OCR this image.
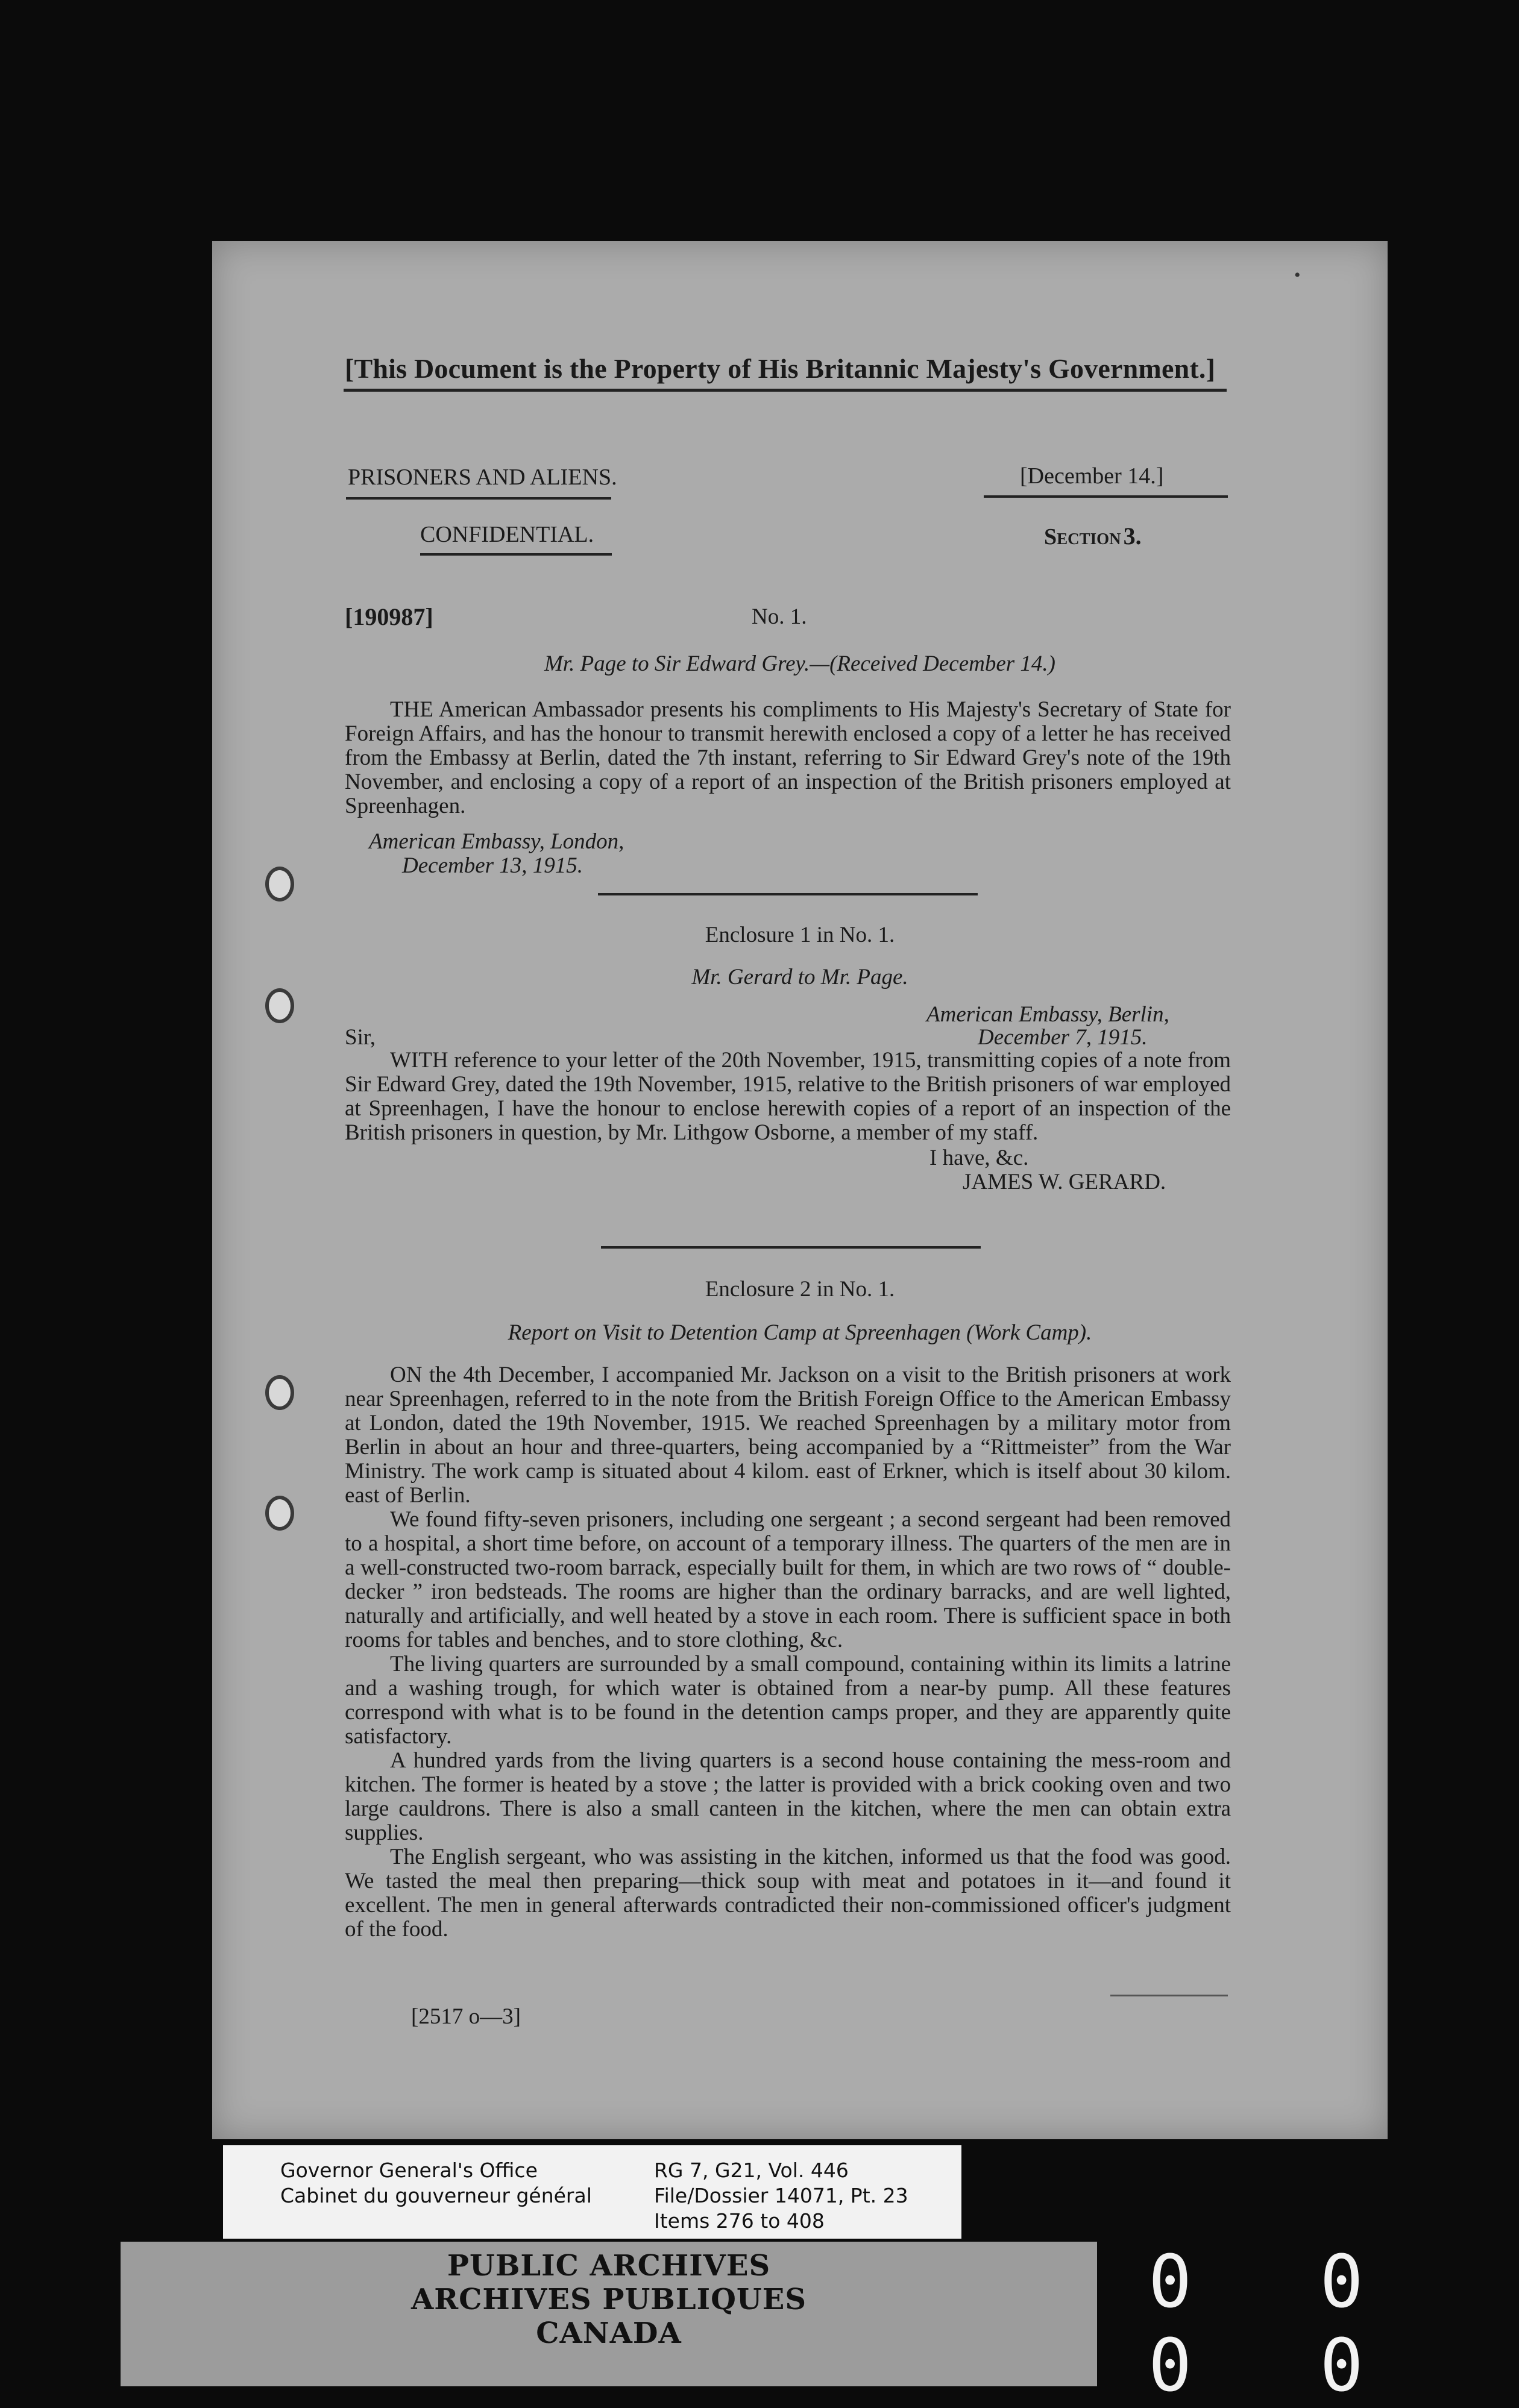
[This Document is the Property of His Britannic Majesty's Government.]
PRISONERS AND ALIENS.	[December 14.]
CONFIDENTIAL.	Section 3.
[190987]	No. 1.
Mr. Page to Sir Edward Grey.—(Received December 14.)

THE American Ambassador presents his compliments to His Majesty's Secretary of State for Foreign Affairs, and has the honour to transmit herewith enclosed a copy of a letter he has received from the Embassy at Berlin, dated the 7th instant, referring to Sir Edward Grey's note of the 19th November, and enclosing a copy of a report of an inspection of the British prisoners employed at Spreenhagen.

American Embassy, London,
December 13, 1915.
Enclosure 1 in No. 1.
Mr. Gerard to Mr. Page.
American Embassy, Berlin,
Sir,	December 7, 1915.

WITH reference to your letter of the 20th November, 1915, transmitting copies of a note from Sir Edward Grey, dated the 19th November, 1915, relative to the British prisoners of war employed at Spreenhagen, I have the honour to enclose herewith copies of a report of an inspection of the British prisoners in question, by Mr. Lithgow Osborne, a member of my staff.

I have, &c.
JAMES W. GERARD.
Enclosure 2 in No. 1.
Report on Visit to Detention Camp at Spreenhagen (Work Camp).

ON the 4th December, I accompanied Mr. Jackson on a visit to the British prisoners at work near Spreenhagen, referred to in the note from the British Foreign Office to the American Embassy at London, dated the 19th November, 1915. We reached Spreenhagen by a military motor from Berlin in about an hour and three-quarters, being accompanied by a “Rittmeister” from the War Ministry. The work camp is situated about 4 kilom. east of Erkner, which is itself about 30 kilom. east of Berlin.

We found fifty-seven prisoners, including one sergeant ; a second sergeant had been removed to a hospital, a short time before, on account of a temporary illness. The quarters of the men are in a well-constructed two-room barrack, especially built for them, in which are two rows of “ double-decker ” iron bedsteads. The rooms are higher than the ordinary barracks, and are well lighted, naturally and artificially, and well heated by a stove in each room. There is sufficient space in both rooms for tables and benches, and to store clothing, &c.

The living quarters are surrounded by a small compound, containing within its limits a latrine and a washing trough, for which water is obtained from a near-by pump. All these features correspond with what is to be found in the detention camps proper, and they are apparently quite satisfactory.

A hundred yards from the living quarters is a second house containing the mess-room and kitchen. The former is heated by a stove ; the latter is provided with a brick cooking oven and two large cauldrons. There is also a small canteen in the kitchen, where the men can obtain extra supplies.

The English sergeant, who was assisting in the kitchen, informed us that the food was good. We tasted the meal then preparing—thick soup with meat and potatoes in it—and found it excellent. The men in general afterwards contradicted their non-commissioned officer's judgment of the food.

[2517 o—3]
•
Governor General's Office
Cabinet du gouverneur général
RG 7, G21, Vol. 446
File/Dossier 14071, Pt. 23
Items 276 to 408
PUBLIC ARCHIVES
ARCHIVES PUBLIQUES
CANADA
0 0 0 0
